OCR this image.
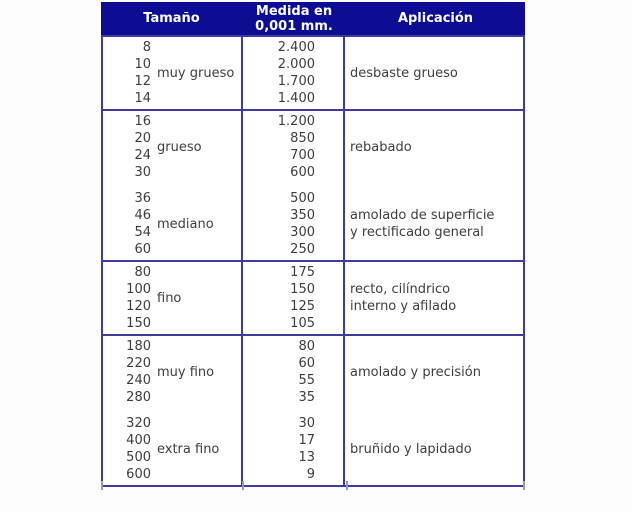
Tamaño	Medida en
0,001 mm.	Aplicación
8
10
12
14
muy grueso
2.400
2.000
1.700
1.400
desbaste grueso
16
20
24
30
grueso
36
46
54
60
mediano
1.200
850
700
600
500
350
300
250
rebabado
amolado de superficie
y rectificado general
80
100
120
150
fino
175
150
125
105
recto, cilíndrico
interno y afilado
180
220
240
280
muy fino
320
400
500
600
extra fino
80
60
55
35
30
17
13
9
amolado y precisión
bruñido y lapidado
